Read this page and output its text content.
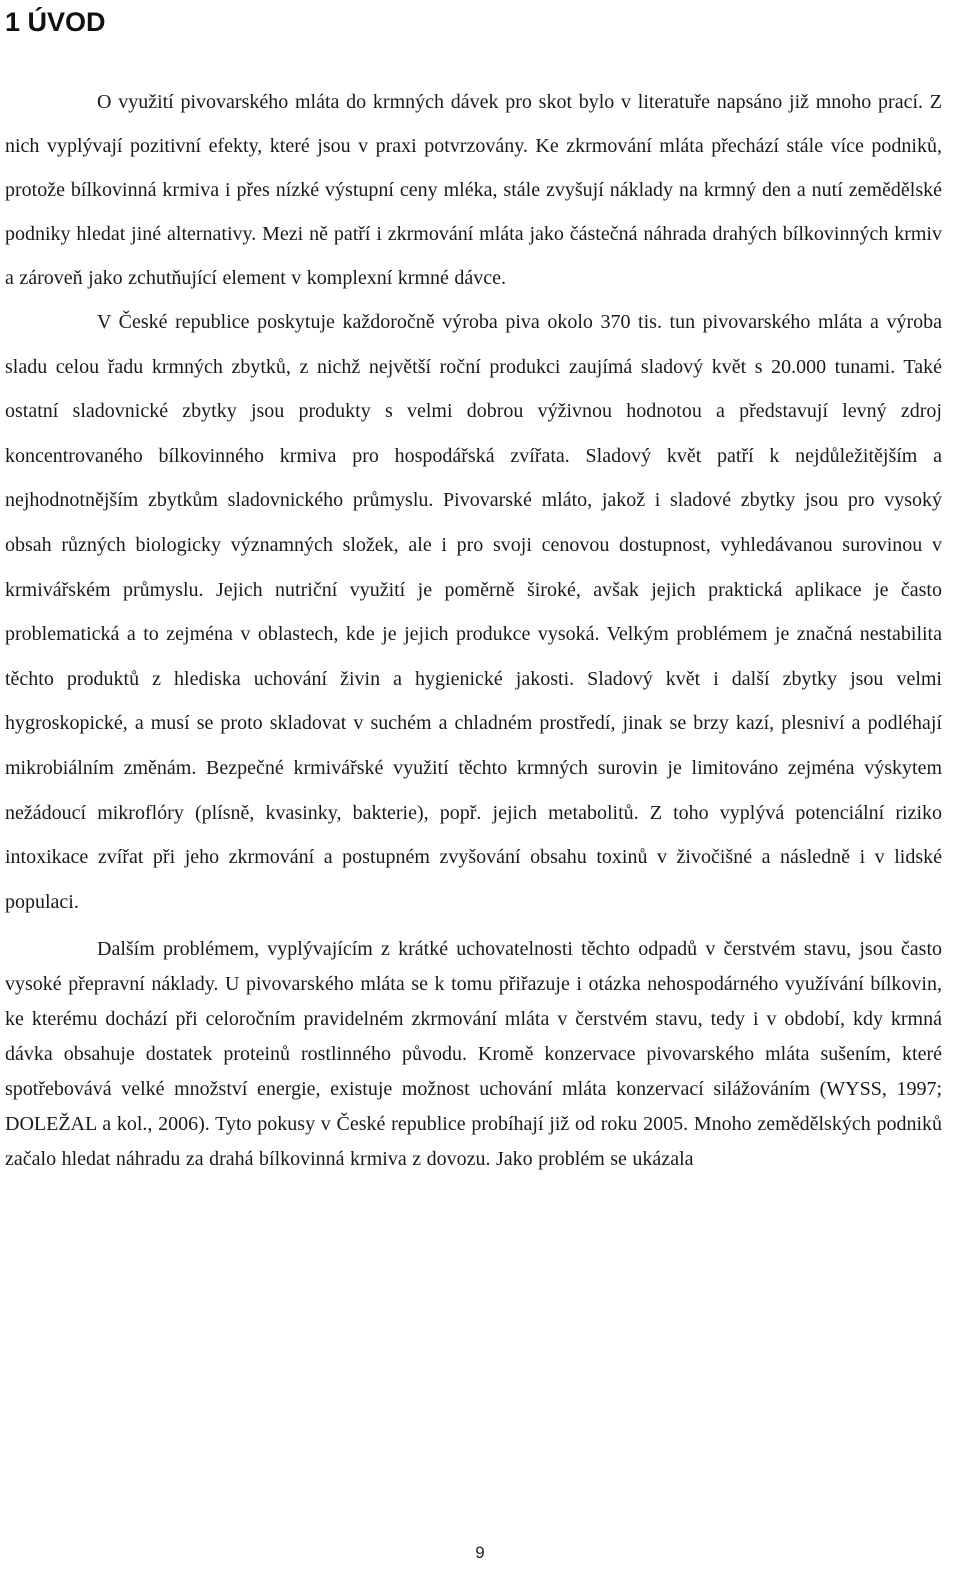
1 ÚVOD

O využití pivovarského mláta do krmných dávek pro skot bylo v literatuře napsáno již mnoho prací. Z nich vyplývají pozitivní efekty, které jsou v praxi potvrzovány. Ke zkrmování mláta přechází stále více podniků, protože bílkovinná krmiva i přes nízké výstupní ceny mléka, stále zvyšují náklady na krmný den a nutí zemědělské podniky hledat jiné alternativy. Mezi ně patří i zkrmování mláta jako částečná náhrada drahých bílkovinných krmiv a zároveň jako zchutňující element v komplexní krmné dávce.

V České republice poskytuje každoročně výroba piva okolo 370 tis. tun pivovarského mláta a výroba sladu celou řadu krmných zbytků, z nichž největší roční produkci zaujímá sladový květ s 20.000 tunami. Také ostatní sladovnické zbytky jsou produkty s velmi dobrou výživnou hodnotou a představují levný zdroj koncentrovaného bílkovinného krmiva pro hospodářská zvířata. Sladový květ patří k nejdůležitějším a nejhodnotnějším zbytkům sladovnického průmyslu. Pivovarské mláto, jakož i sladové zbytky jsou pro vysoký obsah různých biologicky významných složek, ale i pro svoji cenovou dostupnost, vyhledávanou surovinou v krmivářském průmyslu. Jejich nutriční využití je poměrně široké, avšak jejich praktická aplikace je často problematická a to zejména v oblastech, kde je jejich produkce vysoká. Velkým problémem je značná nestabilita těchto produktů z hlediska uchování živin a hygienické jakosti. Sladový květ i další zbytky jsou velmi hygroskopické, a musí se proto skladovat v suchém a chladném prostředí, jinak se brzy kazí, plesniví a podléhají mikrobiálním změnám. Bezpečné krmivářské využití těchto krmných surovin je limitováno zejména výskytem nežádoucí mikroflóry (plísně, kvasinky, bakterie), popř. jejich metabolitů. Z toho vyplývá potenciální riziko intoxikace zvířat při jeho zkrmování a postupném zvyšování obsahu toxinů v živočišné a následně i v lidské populaci.

Dalším problémem, vyplývajícím z krátké uchovatelnosti těchto odpadů v čerstvém stavu, jsou často vysoké přepravní náklady. U pivovarského mláta se k tomu přiřazuje i otázka nehospodárného využívání bílkovin, ke kterému dochází při celoročním pravidelném zkrmování mláta v čerstvém stavu, tedy i v období, kdy krmná dávka obsahuje dostatek proteinů rostlinného původu. Kromě konzervace pivovarského mláta sušením, které spotřebovává velké množství energie, existuje možnost uchování mláta konzervací silážováním (WYSS, 1997; DOLEŽAL a kol., 2006). Tyto pokusy v České republice probíhají již od roku 2005. Mnoho zemědělských podniků začalo hledat náhradu za drahá bílkovinná krmiva z dovozu. Jako problém se ukázala

9
